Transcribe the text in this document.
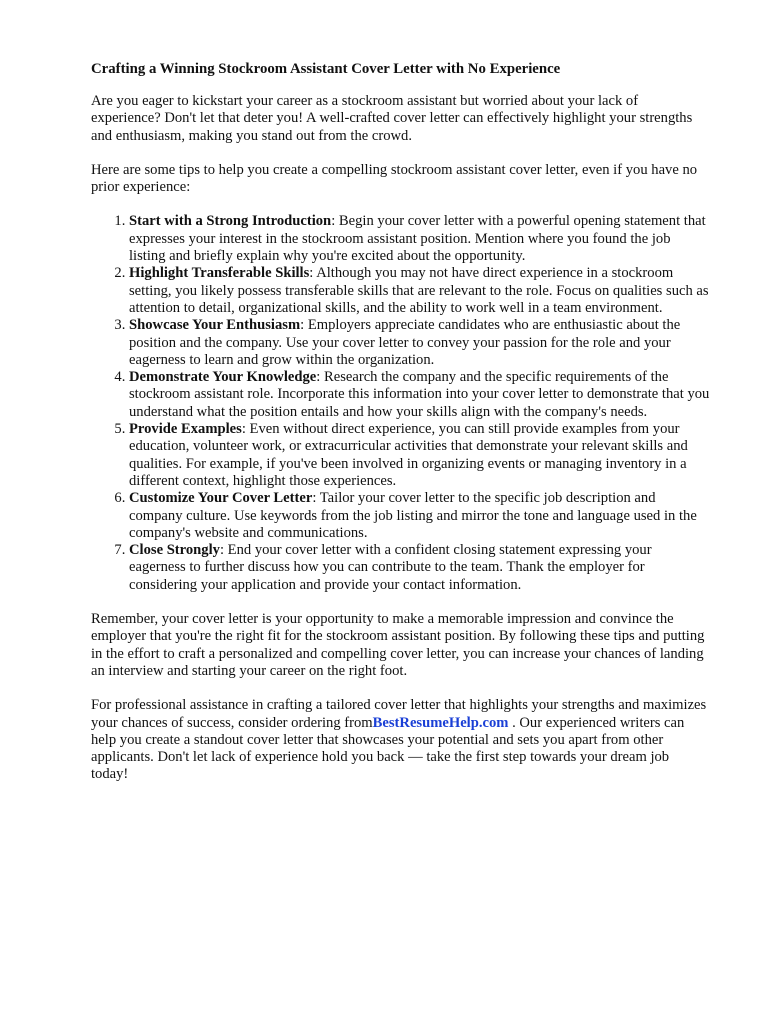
Crafting a Winning Stockroom Assistant Cover Letter with No Experience

Are you eager to kickstart your career as a stockroom assistant but worried about your lack of experience? Don't let that deter you! A well-crafted cover letter can effectively highlight your strengths and enthusiasm, making you stand out from the crowd.

Here are some tips to help you create a compelling stockroom assistant cover letter, even if you have no prior experience:

1. Start with a Strong Introduction: Begin your cover letter with a powerful opening statement that expresses your interest in the stockroom assistant position. Mention where you found the job listing and briefly explain why you're excited about the opportunity.
2. Highlight Transferable Skills: Although you may not have direct experience in a stockroom setting, you likely possess transferable skills that are relevant to the role. Focus on qualities such as attention to detail, organizational skills, and the ability to work well in a team environment.
3. Showcase Your Enthusiasm: Employers appreciate candidates who are enthusiastic about the position and the company. Use your cover letter to convey your passion for the role and your eagerness to learn and grow within the organization.
4. Demonstrate Your Knowledge: Research the company and the specific requirements of the stockroom assistant role. Incorporate this information into your cover letter to demonstrate that you understand what the position entails and how your skills align with the company's needs.
5. Provide Examples: Even without direct experience, you can still provide examples from your education, volunteer work, or extracurricular activities that demonstrate your relevant skills and qualities. For example, if you've been involved in organizing events or managing inventory in a different context, highlight those experiences.
6. Customize Your Cover Letter: Tailor your cover letter to the specific job description and company culture. Use keywords from the job listing and mirror the tone and language used in the company's website and communications.
7. Close Strongly: End your cover letter with a confident closing statement expressing your eagerness to further discuss how you can contribute to the team. Thank the employer for considering your application and provide your contact information.

Remember, your cover letter is your opportunity to make a memorable impression and convince the employer that you're the right fit for the stockroom assistant position. By following these tips and putting in the effort to craft a personalized and compelling cover letter, you can increase your chances of landing an interview and starting your career on the right foot.

For professional assistance in crafting a tailored cover letter that highlights your strengths and maximizes your chances of success, consider ordering fromBestResumeHelp.com . Our experienced writers can help you create a standout cover letter that showcases your potential and sets you apart from other applicants. Don't let lack of experience hold you back — take the first step towards your dream job today!
